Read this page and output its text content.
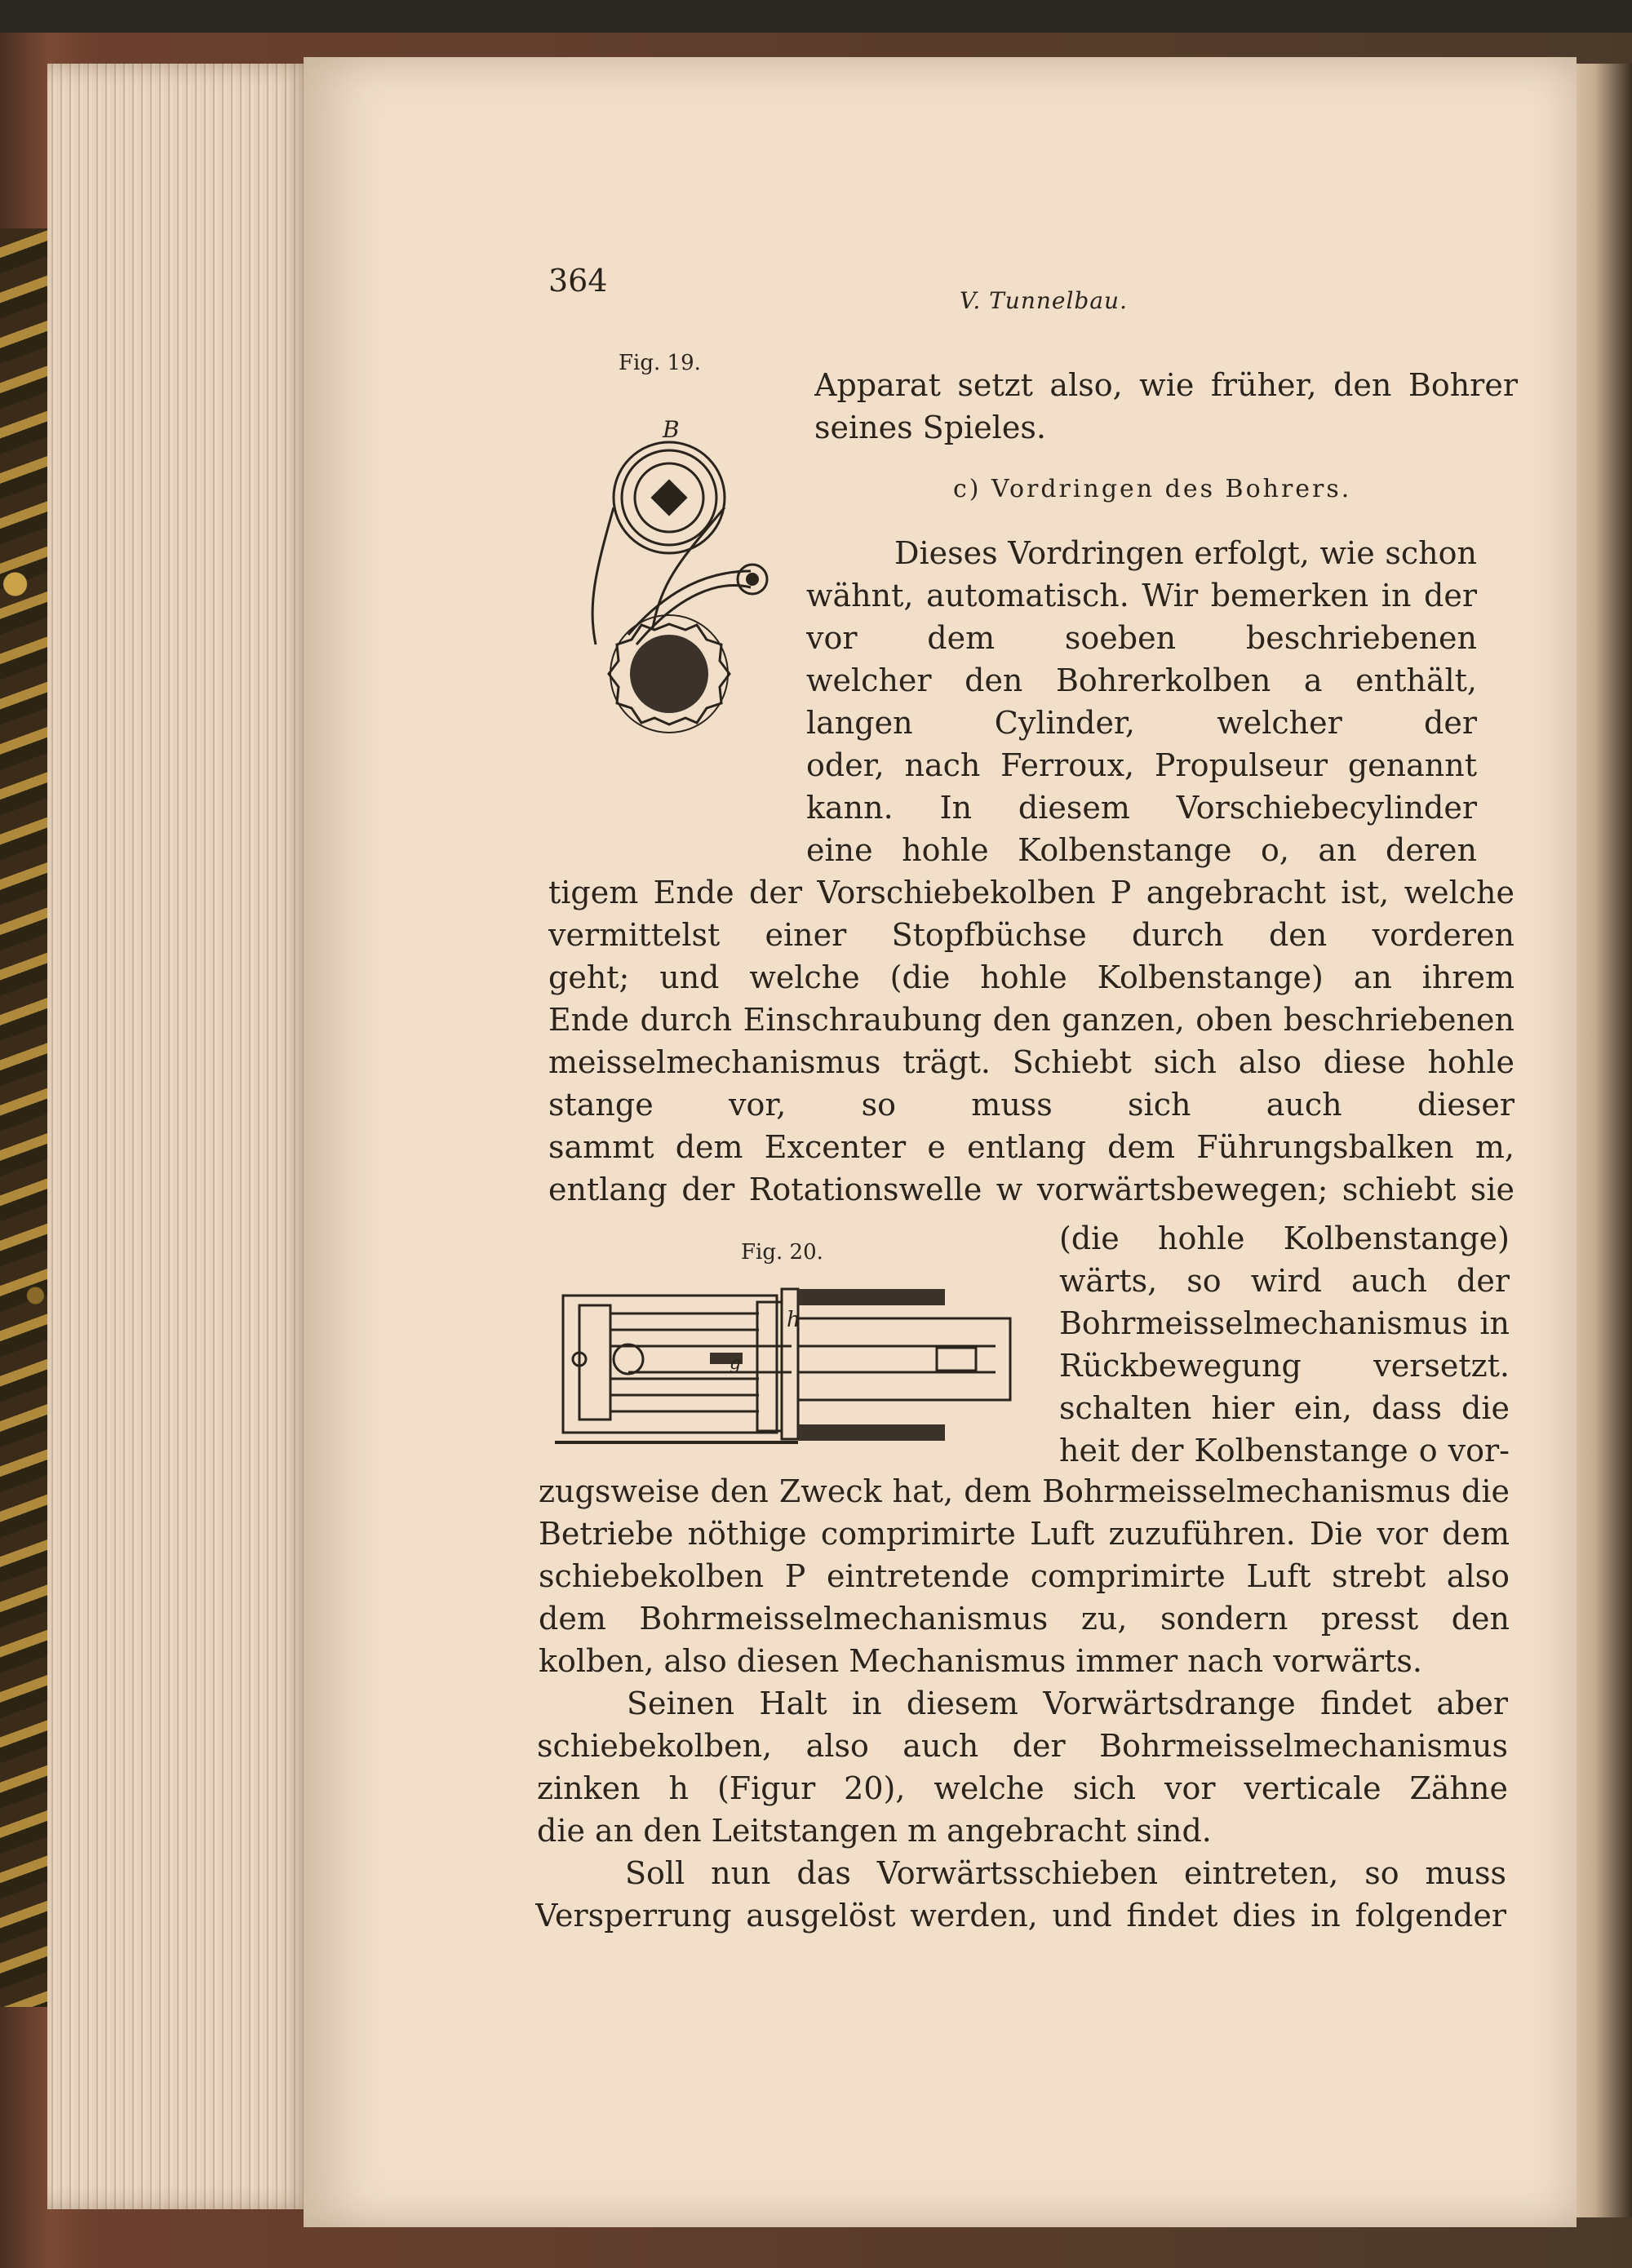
364
V. Tunnelbau.
Fig. 19.
B
Apparat setzt also, wie früher, den Bohrer
seines Spieles.
c) Vordringen des Bohrers.
Dieses Vordringen erfolgt, wie schon
wähnt, automatisch. Wir bemerken in der
vor dem soeben beschriebenen
welcher den Bohrerkolben a enthält,
langen Cylinder, welcher der
oder, nach Ferroux, Propulseur genannt
kann. In diesem Vorschiebecylinder
eine hohle Kolbenstange o, an deren
tigem Ende der Vorschiebekolben P angebracht ist, welche
vermittelst einer Stopfbüchse durch den vorderen
geht; und welche (die hohle Kolbenstange) an ihrem
Ende durch Einschraubung den ganzen, oben beschriebenen
meisselmechanismus trägt. Schiebt sich also diese hohle
stange vor, so muss sich auch dieser
sammt dem Excenter e entlang dem Führungsbalken m,
entlang der Rotationswelle w vorwärtsbewegen; schiebt sie
Fig. 20.
h
g
(die hohle Kolbenstange)
wärts, so wird auch der
Bohrmeisselmechanismus in
Rückbewegung versetzt.
schalten hier ein, dass die
heit der Kolbenstange o vor-
zugsweise den Zweck hat, dem Bohrmeisselmechanismus die
Betriebe nöthige comprimirte Luft zuzuführen. Die vor dem
schiebekolben P eintretende comprimirte Luft strebt also
dem Bohrmeisselmechanismus zu, sondern presst den
kolben, also diesen Mechanismus immer nach vorwärts.
Seinen Halt in diesem Vorwärtsdrange findet aber
schiebekolben, also auch der Bohrmeisselmechanismus
zinken h (Figur 20), welche sich vor verticale Zähne
die an den Leitstangen m angebracht sind.
Soll nun das Vorwärtsschieben eintreten, so muss
Versperrung ausgelöst werden, und findet dies in folgender
